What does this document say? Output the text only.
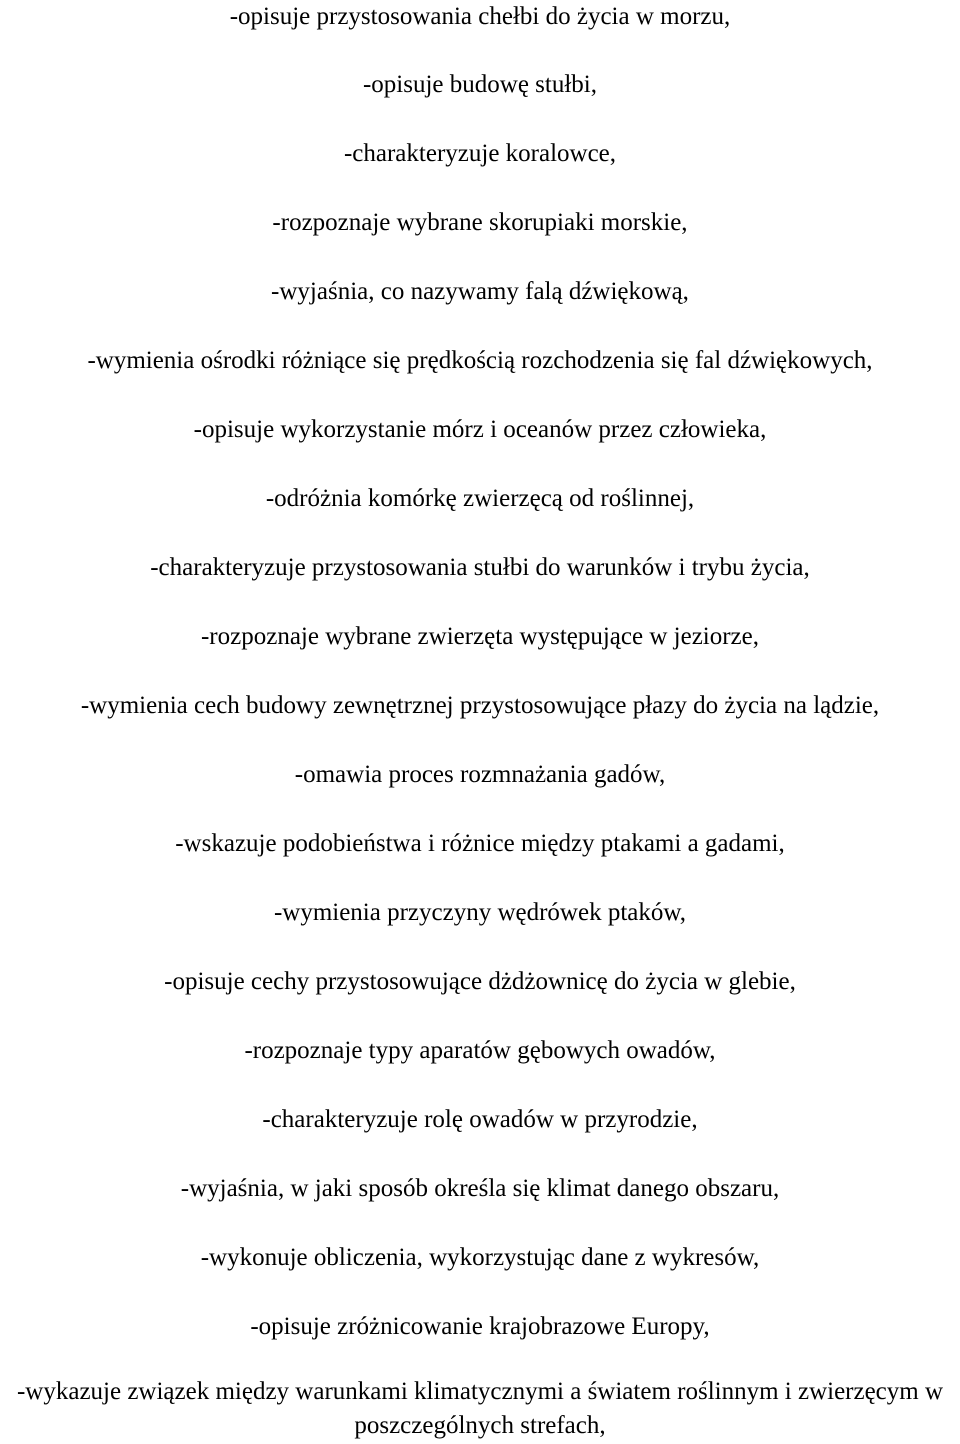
-opisuje przystosowania chełbi do życia w morzu,
-opisuje budowę stułbi,
-charakteryzuje koralowce,
-rozpoznaje wybrane skorupiaki morskie,
-wyjaśnia, co nazywamy falą dźwiękową,
-wymienia ośrodki różniące się prędkością rozchodzenia się fal dźwiękowych,
-opisuje wykorzystanie mórz i oceanów przez człowieka,
-odróżnia komórkę zwierzęcą od roślinnej,
-charakteryzuje przystosowania stułbi do warunków i trybu życia,
-rozpoznaje wybrane zwierzęta występujące w jeziorze,
-wymienia cech budowy zewnętrznej przystosowujące płazy do życia na lądzie,
-omawia proces rozmnażania gadów,
-wskazuje podobieństwa i różnice między ptakami a gadami,
-wymienia przyczyny wędrówek ptaków,
-opisuje cechy przystosowujące dżdżownicę do życia w glebie,
-rozpoznaje typy aparatów gębowych owadów,
-charakteryzuje rolę owadów w przyrodzie,
-wyjaśnia, w jaki sposób określa się klimat danego obszaru,
-wykonuje obliczenia, wykorzystując dane z wykresów,
-opisuje zróżnicowanie krajobrazowe Europy,
-wykazuje związek między warunkami klimatycznymi a światem roślinnym i zwierzęcym w poszczególnych strefach,
